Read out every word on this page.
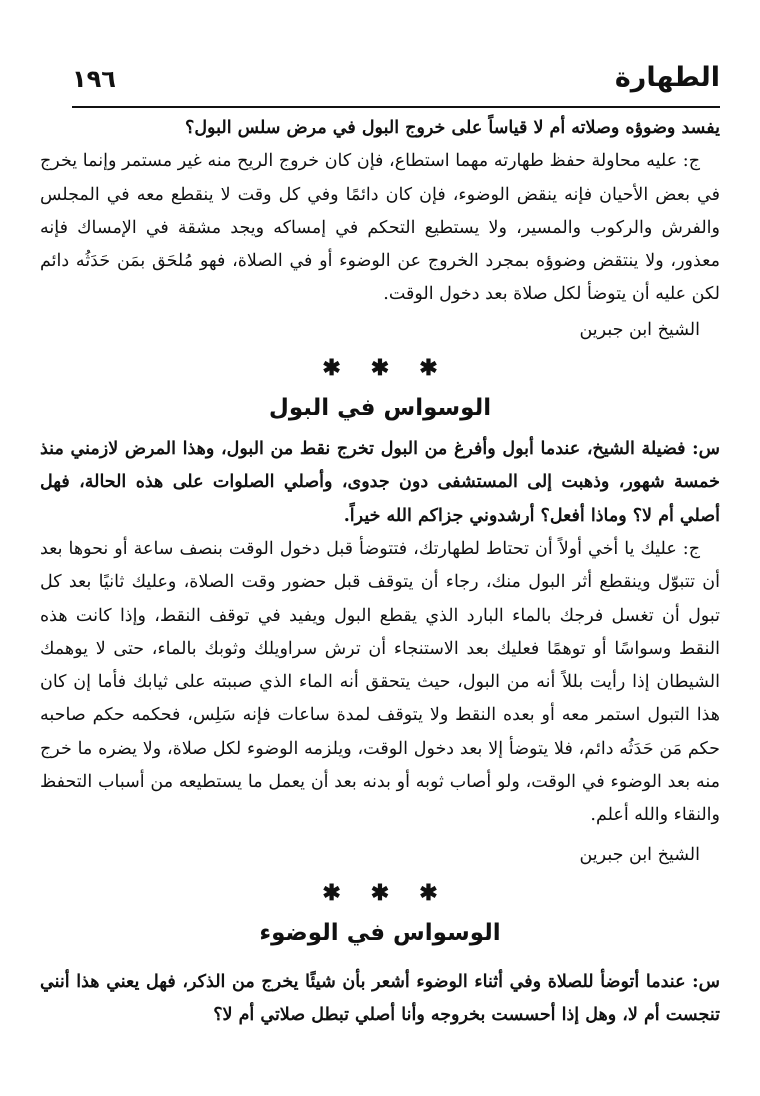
الطهارة
١٩٦

يفسد وضوؤه وصلاته أم لا قياساً على خروج البول في مرض سلس البول؟

ج: عليه محاولة حفظ طهارته مهما استطاع، فإن كان خروج الريح منه غير مستمر وإنما يخرج في بعض الأحيان فإنه ينقض الوضوء، فإن كان دائمًا وفي كل وقت لا ينقطع معه في المجلس والفرش والركوب والمسير، ولا يستطيع التحكم في إمساكه ويجد مشقة في الإمساك فإنه معذور، ولا ينتقض وضوؤه بمجرد الخروج عن الوضوء أو في الصلاة، فهو مُلحَق بمَن حَدَثُه دائم لكن عليه أن يتوضأ لكل صلاة بعد دخول الوقت.

الشيخ ابن جبرين
✱ ✱ ✱
الوسواس في البول

س: فضيلة الشيخ، عندما أبول وأفرغ من البول تخرج نقط من البول، وهذا المرض لازمني منذ خمسة شهور، وذهبت إلى المستشفى دون جدوى، وأصلي الصلوات على هذه الحالة، فهل أصلي أم لا؟ وماذا أفعل؟ أرشدوني جزاكم الله خيراً.

ج: عليك يا أخي أولاً أن تحتاط لطهارتك، فتتوضأ قبل دخول الوقت بنصف ساعة أو نحوها بعد أن تتبوّل وينقطع أثر البول منك، رجاء أن يتوقف قبل حضور وقت الصلاة، وعليك ثانيًا بعد كل تبول أن تغسل فرجك بالماء البارد الذي يقطع البول ويفيد في توقف النقط، وإذا كانت هذه النقط وسواسًا أو توهمًا فعليك بعد الاستنجاء أن ترش سراويلك وثوبك بالماء، حتى لا يوهمك الشيطان إذا رأيت بللاً أنه من البول، حيث يتحقق أنه الماء الذي صببته على ثيابك فأما إن كان هذا التبول استمر معه أو بعده النقط ولا يتوقف لمدة ساعات فإنه سَلِس، فحكمه حكم صاحبه حكم مَن حَدَثُه دائم، فلا يتوضأ إلا بعد دخول الوقت، ويلزمه الوضوء لكل صلاة، ولا يضره ما خرج منه بعد الوضوء في الوقت، ولو أصاب ثوبه أو بدنه بعد أن يعمل ما يستطيعه من أسباب التحفظ والنقاء والله أعلم.

الشيخ ابن جبرين
✱ ✱ ✱
الوسواس في الوضوء

س: عندما أتوضأ للصلاة وفي أثناء الوضوء أشعر بأن شيئًا يخرج من الذكر، فهل يعني هذا أنني تنجست أم لا، وهل إذا أحسست بخروجه وأنا أصلي تبطل صلاتي أم لا؟
